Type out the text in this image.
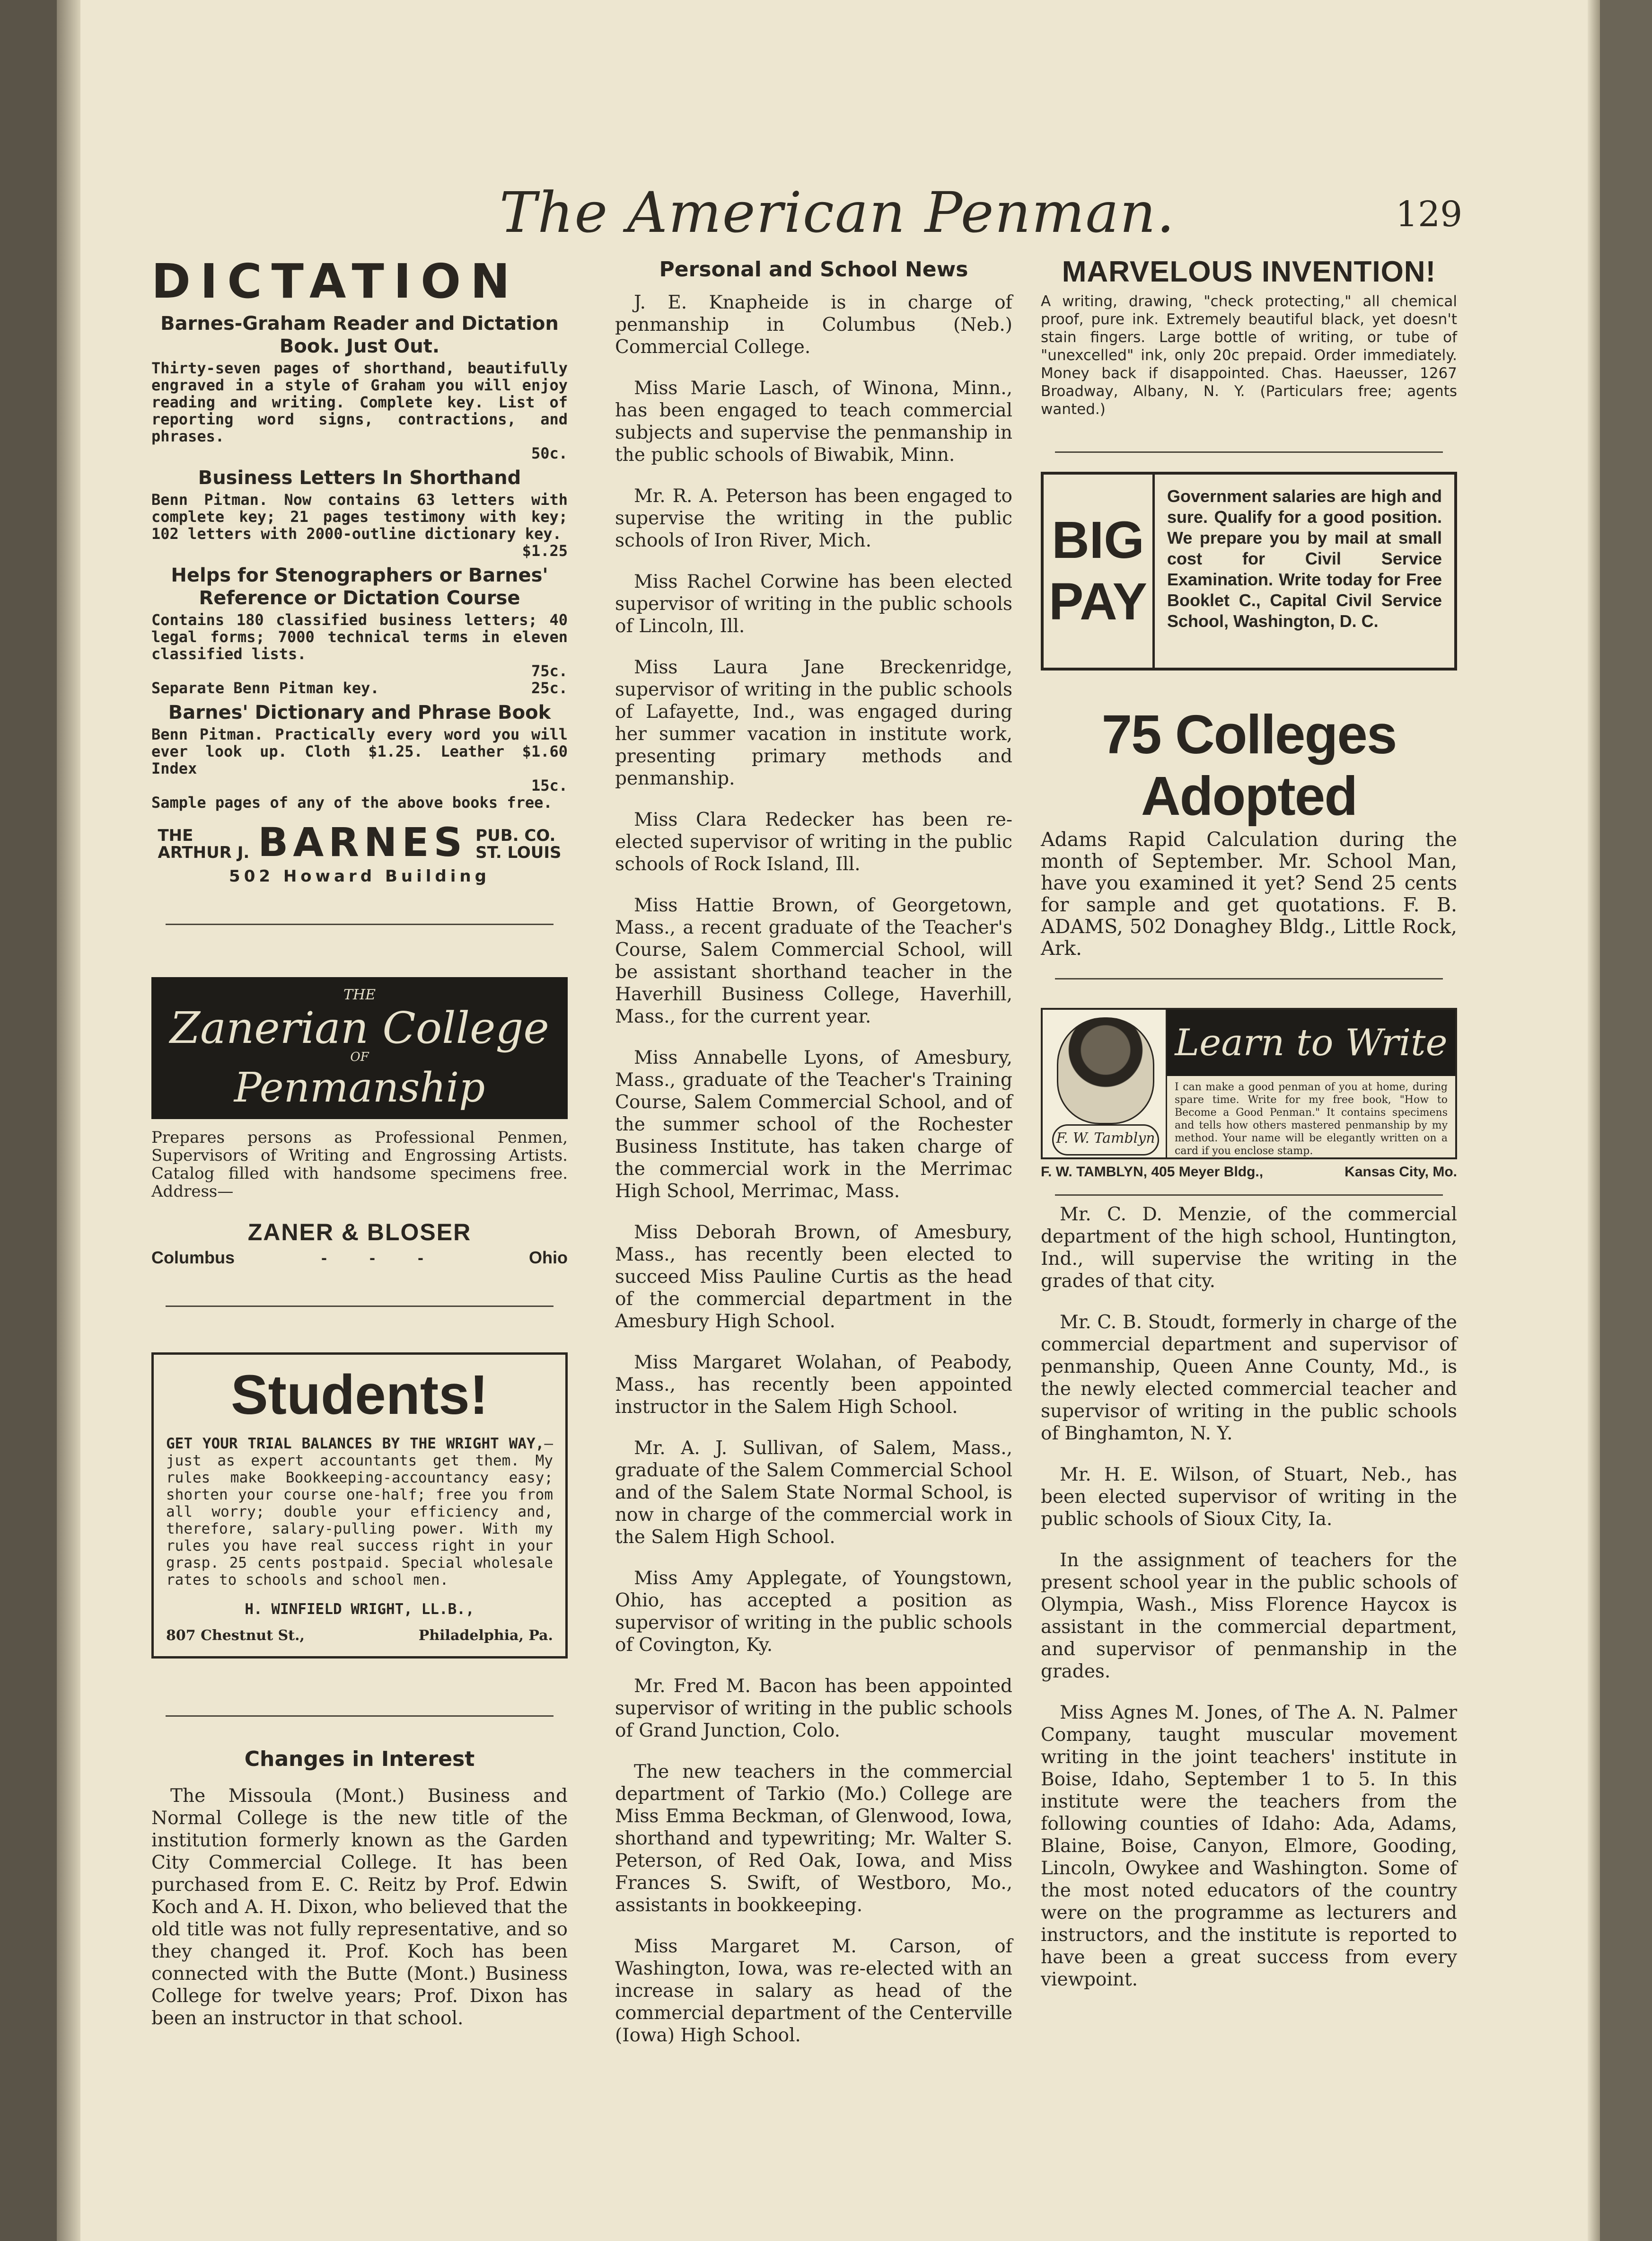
The American Penman.	129
DICTATION
Barnes-Graham Reader and Dictation Book. Just Out.

Thirty-seven pages of shorthand, beautifully engraved in a style of Graham you will enjoy reading and writing. Complete key. List of reporting word signs, contractions, and phrases.

50c.

Business Letters In Shorthand

Benn Pitman. Now contains 63 letters with complete key; 21 pages testimony with key; 102 letters with 2000-outline dictionary key.

$1.25

Helps for Stenographers or Barnes' Reference or Dictation Course

Contains 180 classified business letters; 40 legal forms; 7000 technical terms in eleven classified lists.

75c.

Separate Benn Pitman key.	25c.
Barnes' Dictionary and Phrase Book

Benn Pitman. Practically every word you will ever look up. Cloth $1.25. Leather $1.60 Index

15c.

Sample pages of any of the above books free.

THE
ARTHUR J. BARNES PUB. CO.
ST. LOUIS
502 Howard Building
THE
Zanerian College
OF
Penmanship

Prepares persons as Professional Penmen, Supervisors of Writing and Engrossing Artists. Catalog filled with handsome specimens free. Address—

ZANER & BLOSER
Columbus	- - -	Ohio
Students!

GET YOUR TRIAL BALANCES BY THE WRIGHT WAY,—just as expert accountants get them. My rules make Bookkeeping-accountancy easy; shorten your course one-half; free you from all worry; double your efficiency and, therefore, salary-pulling power. With my rules you have real success right in your grasp. 25 cents postpaid. Special wholesale rates to schools and school men.

H. WINFIELD WRIGHT, LL.B.,
807 Chestnut St.,	Philadelphia, Pa.
Changes in Interest

The Missoula (Mont.) Business and Normal College is the new title of the institution formerly known as the Garden City Commercial College. It has been purchased from E. C. Reitz by Prof. Edwin Koch and A. H. Dixon, who believed that the old title was not fully representative, and so they changed it. Prof. Koch has been connected with the Butte (Mont.) Business College for twelve years; Prof. Dixon has been an instructor in that school.

Personal and School News

J. E. Knapheide is in charge of penmanship in Columbus (Neb.) Commercial College.

Miss Marie Lasch, of Winona, Minn., has been engaged to teach commercial subjects and supervise the penmanship in the public schools of Biwabik, Minn.

Mr. R. A. Peterson has been engaged to supervise the writing in the public schools of Iron River, Mich.

Miss Rachel Corwine has been elected supervisor of writing in the public schools of Lincoln, Ill.

Miss Laura Jane Breckenridge, supervisor of writing in the public schools of Lafayette, Ind., was engaged during her summer vacation in institute work, presenting primary methods and penmanship.

Miss Clara Redecker has been re-elected supervisor of writing in the public schools of Rock Island, Ill.

Miss Hattie Brown, of Georgetown, Mass., a recent graduate of the Teacher's Course, Salem Commercial School, will be assistant shorthand teacher in the Haverhill Business College, Haverhill, Mass., for the current year.

Miss Annabelle Lyons, of Amesbury, Mass., graduate of the Teacher's Training Course, Salem Commercial School, and of the summer school of the Rochester Business Institute, has taken charge of the commercial work in the Merrimac High School, Merrimac, Mass.

Miss Deborah Brown, of Amesbury, Mass., has recently been elected to succeed Miss Pauline Curtis as the head of the commercial department in the Amesbury High School.

Miss Margaret Wolahan, of Peabody, Mass., has recently been appointed instructor in the Salem High School.

Mr. A. J. Sullivan, of Salem, Mass., graduate of the Salem Commercial School and of the Salem State Normal School, is now in charge of the commercial work in the Salem High School.

Miss Amy Applegate, of Youngstown, Ohio, has accepted a position as supervisor of writing in the public schools of Covington, Ky.

Mr. Fred M. Bacon has been appointed supervisor of writing in the public schools of Grand Junction, Colo.

The new teachers in the commercial department of Tarkio (Mo.) College are Miss Emma Beckman, of Glenwood, Iowa, shorthand and typewriting; Mr. Walter S. Peterson, of Red Oak, Iowa, and Miss Frances S. Swift, of Westboro, Mo., assistants in bookkeeping.

Miss Margaret M. Carson, of Washington, Iowa, was re-elected with an increase in salary as head of the commercial department of the Centerville (Iowa) High School.

MARVELOUS INVENTION!

A writing, drawing, "check protecting," all chemical proof, pure ink. Extremely beautiful black, yet doesn't stain fingers. Large bottle of writing, or tube of "unexcelled" ink, only 20c prepaid. Order immediately. Money back if disappointed. Chas. Haeusser, 1267 Broadway, Albany, N. Y. (Particulars free; agents wanted.)

BIG
PAY
Government salaries are high and sure. Qualify for a good position. We prepare you by mail at small cost for Civil Service Examination. Write today for Free Booklet C., Capital Civil Service School, Washington, D. C.
75 Colleges Adopted

Adams Rapid Calculation during the month of September. Mr. School Man, have you examined it yet? Send 25 cents for sample and get quotations. F. B. ADAMS, 502 Donaghey Bldg., Little Rock, Ark.

F. W. Tamblyn
Learn to Write
I can make a good penman of you at home, during spare time. Write for my free book, "How to Become a Good Penman." It contains specimens and tells how others mastered penmanship by my method. Your name will be elegantly written on a card if you enclose stamp.
F. W. TAMBLYN, 405 Meyer Bldg.,	Kansas City, Mo.

Mr. C. D. Menzie, of the commercial department of the high school, Huntington, Ind., will supervise the writing in the grades of that city.

Mr. C. B. Stoudt, formerly in charge of the commercial department and supervisor of penmanship, Queen Anne County, Md., is the newly elected commercial teacher and supervisor of writing in the public schools of Binghamton, N. Y.

Mr. H. E. Wilson, of Stuart, Neb., has been elected supervisor of writing in the public schools of Sioux City, Ia.

In the assignment of teachers for the present school year in the public schools of Olympia, Wash., Miss Florence Haycox is assistant in the commercial department, and supervisor of penmanship in the grades.

Miss Agnes M. Jones, of The A. N. Palmer Company, taught muscular movement writing in the joint teachers' institute in Boise, Idaho, September 1 to 5. In this institute were the teachers from the following counties of Idaho: Ada, Adams, Blaine, Boise, Canyon, Elmore, Gooding, Lincoln, Owykee and Washington. Some of the most noted educators of the country were on the programme as lecturers and instructors, and the institute is reported to have been a great success from every viewpoint.
